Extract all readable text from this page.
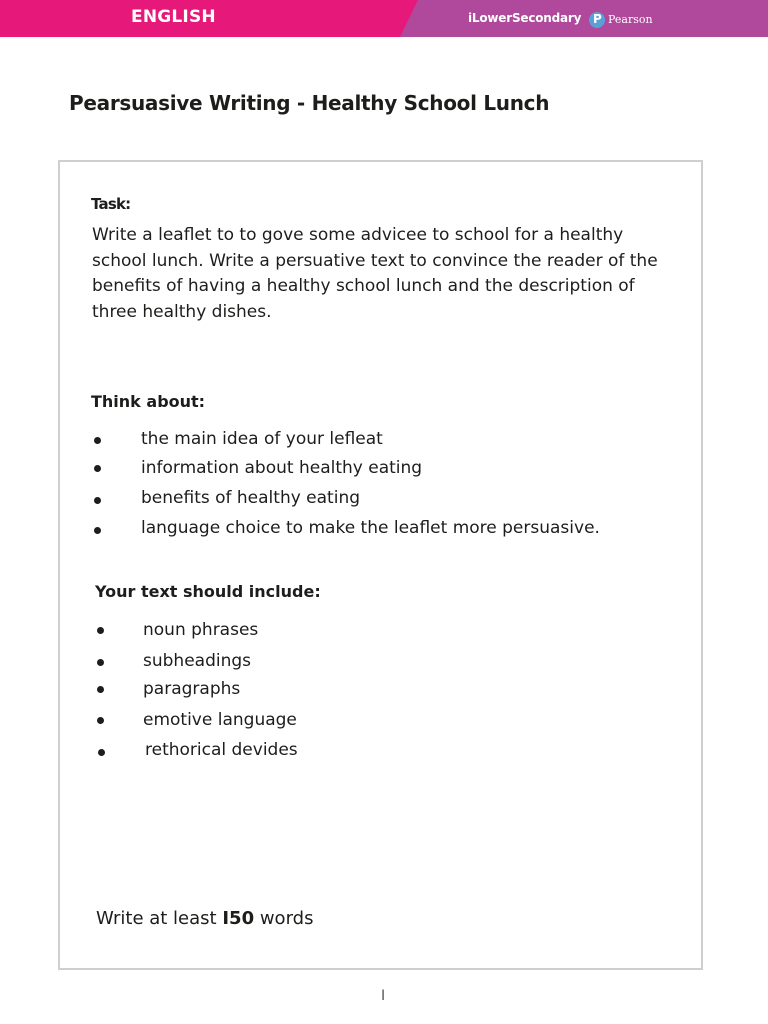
ENGLISH	iLowerSecondary P Pearson
Pearsuasive Writing - Healthy School Lunch
Task:

Write a leaflet to to gove some advicee to school for a healthy school lunch. Write a persuative text to convince the reader of the benefits of having a healthy school lunch and the description of three healthy dishes.

Think about:
the main idea of your lefleat
information about healthy eating
benefits of healthy eating
language choice to make the leaflet more persuasive.
Your text should include:
noun phrases
subheadings
paragraphs
emotive language
rethorical devides

Write at least I50 words

I
